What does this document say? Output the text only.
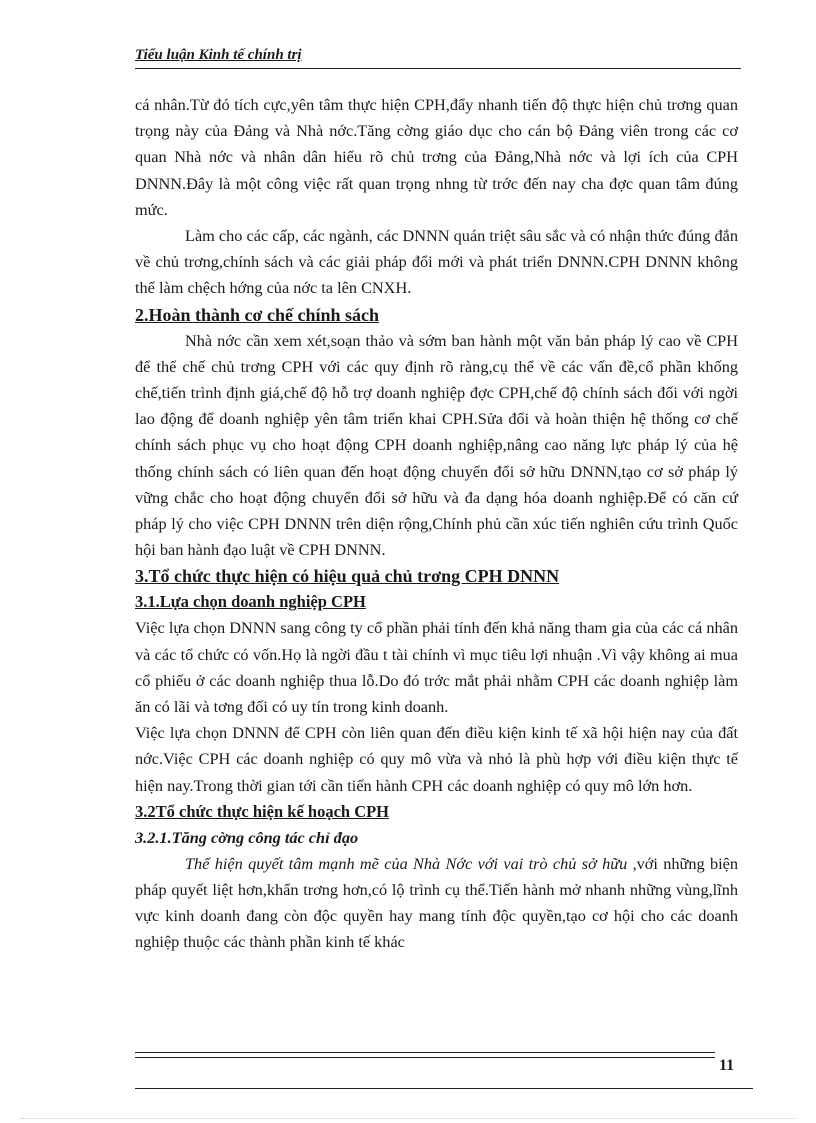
Tiểu luận Kinh tế chính trị

cá nhân.Từ đó tích cực,yên tâm thực hiện CPH,đẩy nhanh tiến độ thực hiện chủ trơng quan trọng này của Đảng và Nhà nớc.Tăng cờng giáo dục cho cán bộ Đảng viên trong các cơ quan Nhà nớc và nhân dân hiểu rõ chủ trơng của Đảng,Nhà nớc và lợi ích của CPH DNNN.Đây là một công việc rất quan trọng nhng từ trớc đến nay cha đợc quan tâm đúng mức.

Làm cho các cấp, các ngành, các DNNN quán triệt sâu sắc và có nhận thức đúng đắn về chủ trơng,chính sách và các giải pháp đổi mới và phát triển DNNN.CPH DNNN không thể làm chệch hớng của nớc ta lên CNXH.

2.Hoàn thành cơ chế chính sách

Nhà nớc cần xem xét,soạn thảo và sớm ban hành một văn bản pháp lý cao về CPH để thể chế chủ trơng CPH với các quy định rõ ràng,cụ thể về các vấn đề,cổ phần khống chế,tiến trình định giá,chế độ hỗ trợ doanh nghiệp đợc CPH,chế độ chính sách đối với ngời lao động để doanh nghiệp yên tâm triển khai CPH.Sửa đổi và hoàn thiện hệ thống cơ chế chính sách phục vụ cho hoạt động CPH doanh nghiệp,nâng cao năng lực pháp lý của hệ thống chính sách có liên quan đến hoạt động chuyển đổi sở hữu DNNN,tạo cơ sở pháp lý vững chắc cho hoạt động chuyển đổi sở hữu và đa dạng hóa doanh nghiệp.Để có căn cứ pháp lý cho việc CPH DNNN trên diện rộng,Chính phủ cần xúc tiến nghiên cứu trình Quốc hội ban hành đạo luật về CPH DNNN.

3.Tổ chức thực hiện có hiệu quả chủ trơng CPH DNNN

3.1.Lựa chọn doanh nghiệp CPH

Việc lựa chọn DNNN sang công ty cổ phần phải tính đến khả năng tham gia của các cá nhân và các tổ chức có vốn.Họ là ngời đầu t tài chính vì mục tiêu lợi nhuận .Vì vậy không ai mua cổ phiếu ở các doanh nghiệp thua lỗ.Do đó trớc mắt phải nhằm CPH các doanh nghiệp làm ăn có lãi và tơng đối có uy tín trong kinh doanh.

Việc lựa chọn DNNN để CPH còn liên quan đến điều kiện kinh tế xã hội hiện nay của đất nớc.Việc CPH các doanh nghiệp có quy mô vừa và nhỏ là phù hợp với điều kiện thực tế hiện nay.Trong thời gian tới cần tiến hành CPH các doanh nghiệp có quy mô lớn hơn.

3.2Tổ chức thực hiện kế hoạch CPH

3.2.1.Tăng cờng công tác chỉ đạo

Thể hiện quyết tâm mạnh mẽ của Nhà Nớc với vai trò chủ sở hữu ,với những biện pháp quyết liệt hơn,khẩn trơng hơn,có lộ trình cụ thể.Tiến hành mở nhanh những vùng,lĩnh vực kinh doanh đang còn độc quyền hay mang tính độc quyền,tạo cơ hội cho các doanh nghiệp thuộc các thành phần kinh tế khác

11
